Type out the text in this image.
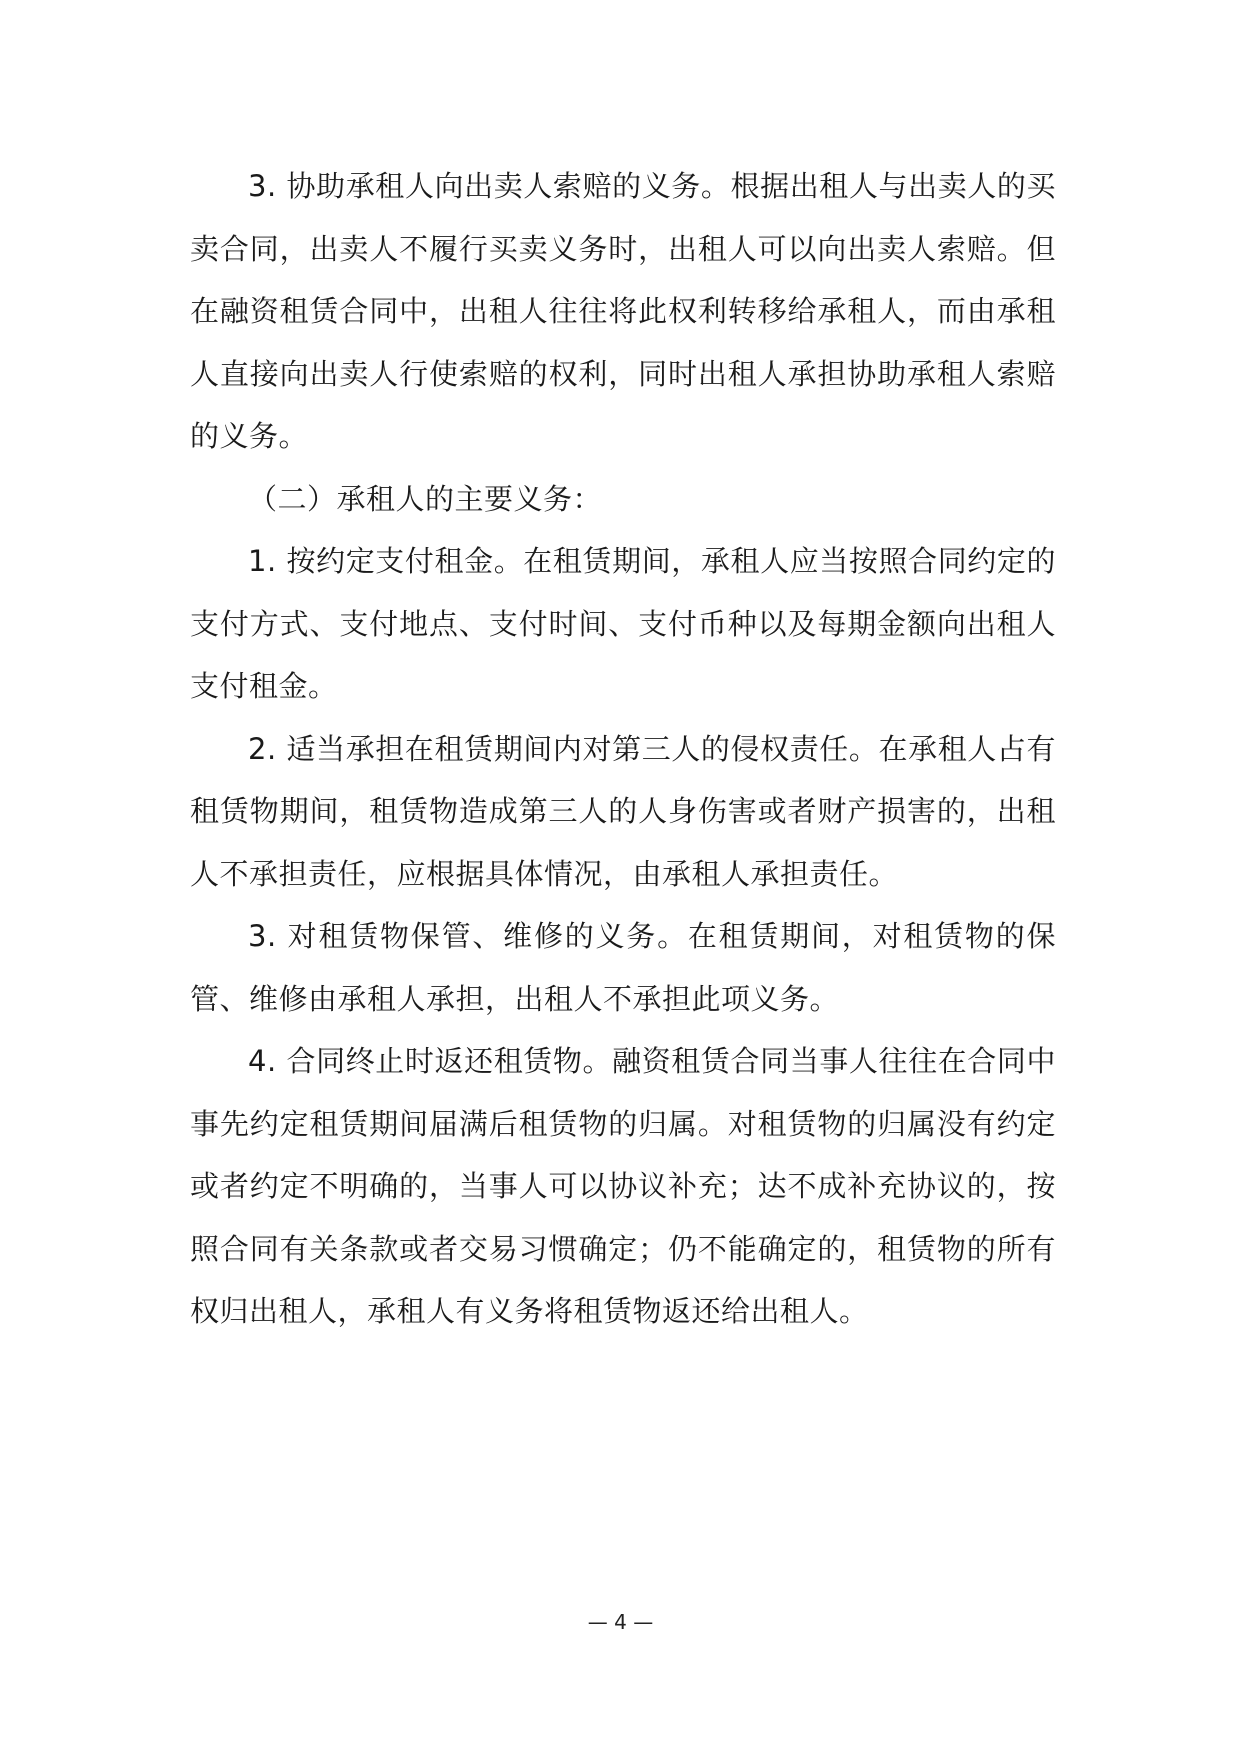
3. 协助承租人向出卖人索赔的义务。根据出租人与出卖人的买卖合同，出卖人不履行买卖义务时，出租人可以向出卖人索赔。但在融资租赁合同中，出租人往往将此权利转移给承租人，而由承租人直接向出卖人行使索赔的权利，同时出租人承担协助承租人索赔的义务。

（二）承租人的主要义务：

1. 按约定支付租金。在租赁期间，承租人应当按照合同约定的支付方式、支付地点、支付时间、支付币种以及每期金额向出租人支付租金。

2. 适当承担在租赁期间内对第三人的侵权责任。在承租人占有租赁物期间，租赁物造成第三人的人身伤害或者财产损害的，出租人不承担责任，应根据具体情况，由承租人承担责任。

3. 对租赁物保管、维修的义务。在租赁期间，对租赁物的保管、维修由承租人承担，出租人不承担此项义务。

4. 合同终止时返还租赁物。融资租赁合同当事人往往在合同中事先约定租赁期间届满后租赁物的归属。对租赁物的归属没有约定或者约定不明确的，当事人可以协议补充；达不成补充协议的，按照合同有关条款或者交易习惯确定；仍不能确定的，租赁物的所有权归出租人，承租人有义务将租赁物返还给出租人。

— 4 —
